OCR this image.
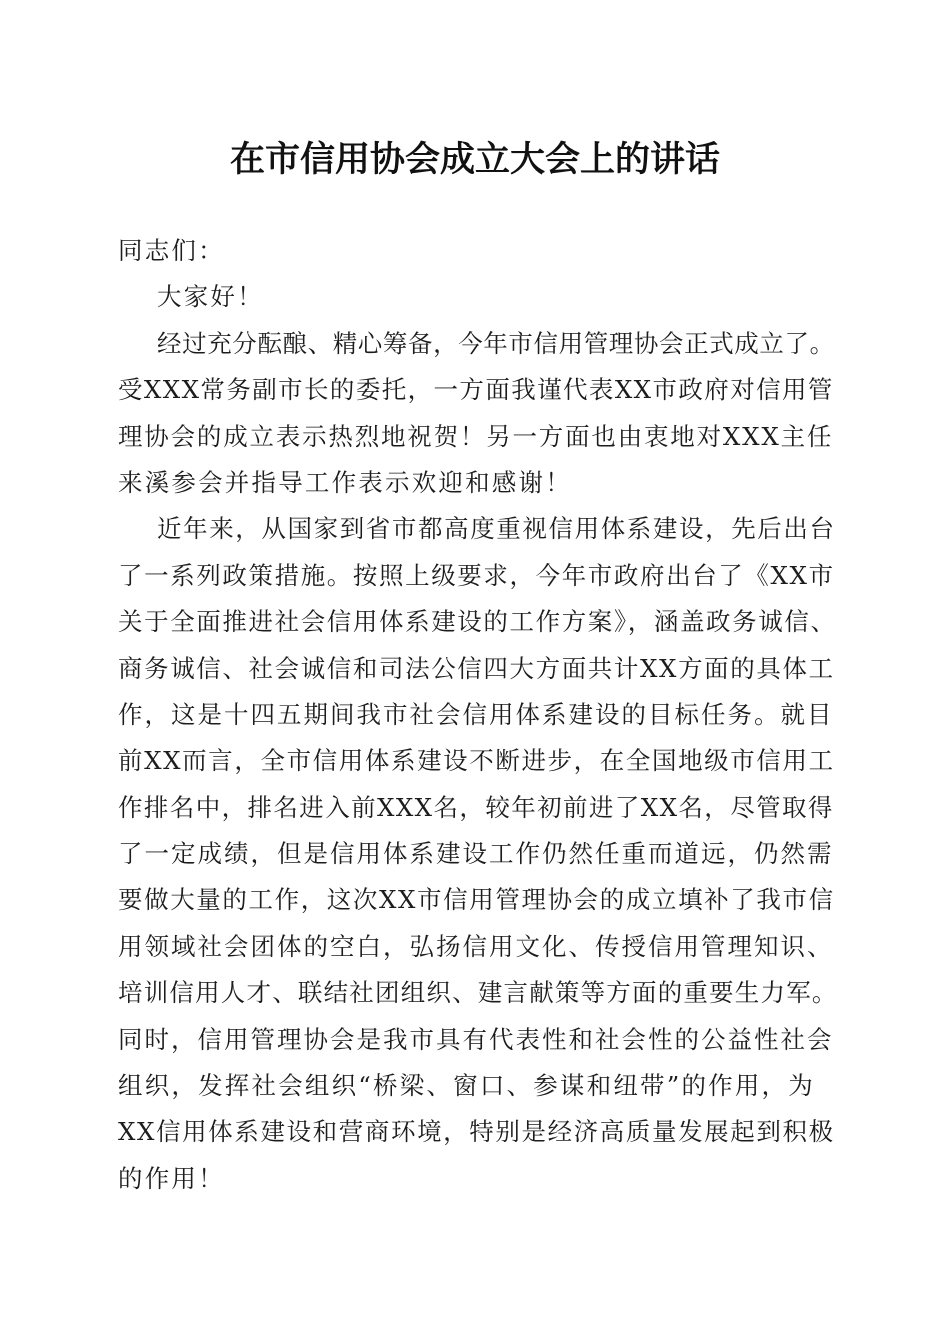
在市信用协会成立大会上的讲话
同志们：
大家好！
经过充分酝酿、精心筹备，今年市信用管理协会正式成立了。
受XXX常务副市长的委托，一方面我谨代表XX市政府对信用管
理协会的成立表示热烈地祝贺！另一方面也由衷地对XXX主任
来溪参会并指导工作表示欢迎和感谢！
近年来，从国家到省市都高度重视信用体系建设，先后出台
了一系列政策措施。按照上级要求，今年市政府出台了《XX市
关于全面推进社会信用体系建设的工作方案》，涵盖政务诚信、
商务诚信、社会诚信和司法公信四大方面共计XX方面的具体工
作，这是十四五期间我市社会信用体系建设的目标任务。就目
前XX而言，全市信用体系建设不断进步，在全国地级市信用工
作排名中，排名进入前XXX名，较年初前进了XX名，尽管取得
了一定成绩，但是信用体系建设工作仍然任重而道远，仍然需
要做大量的工作，这次XX市信用管理协会的成立填补了我市信
用领域社会团体的空白，弘扬信用文化、传授信用管理知识、
培训信用人才、联结社团组织、建言献策等方面的重要生力军。
同时，信用管理协会是我市具有代表性和社会性的公益性社会
组织，发挥社会组织“桥梁、窗口、参谋和纽带”的作用，为
XX信用体系建设和营商环境，特别是经济高质量发展起到积极
的作用！
